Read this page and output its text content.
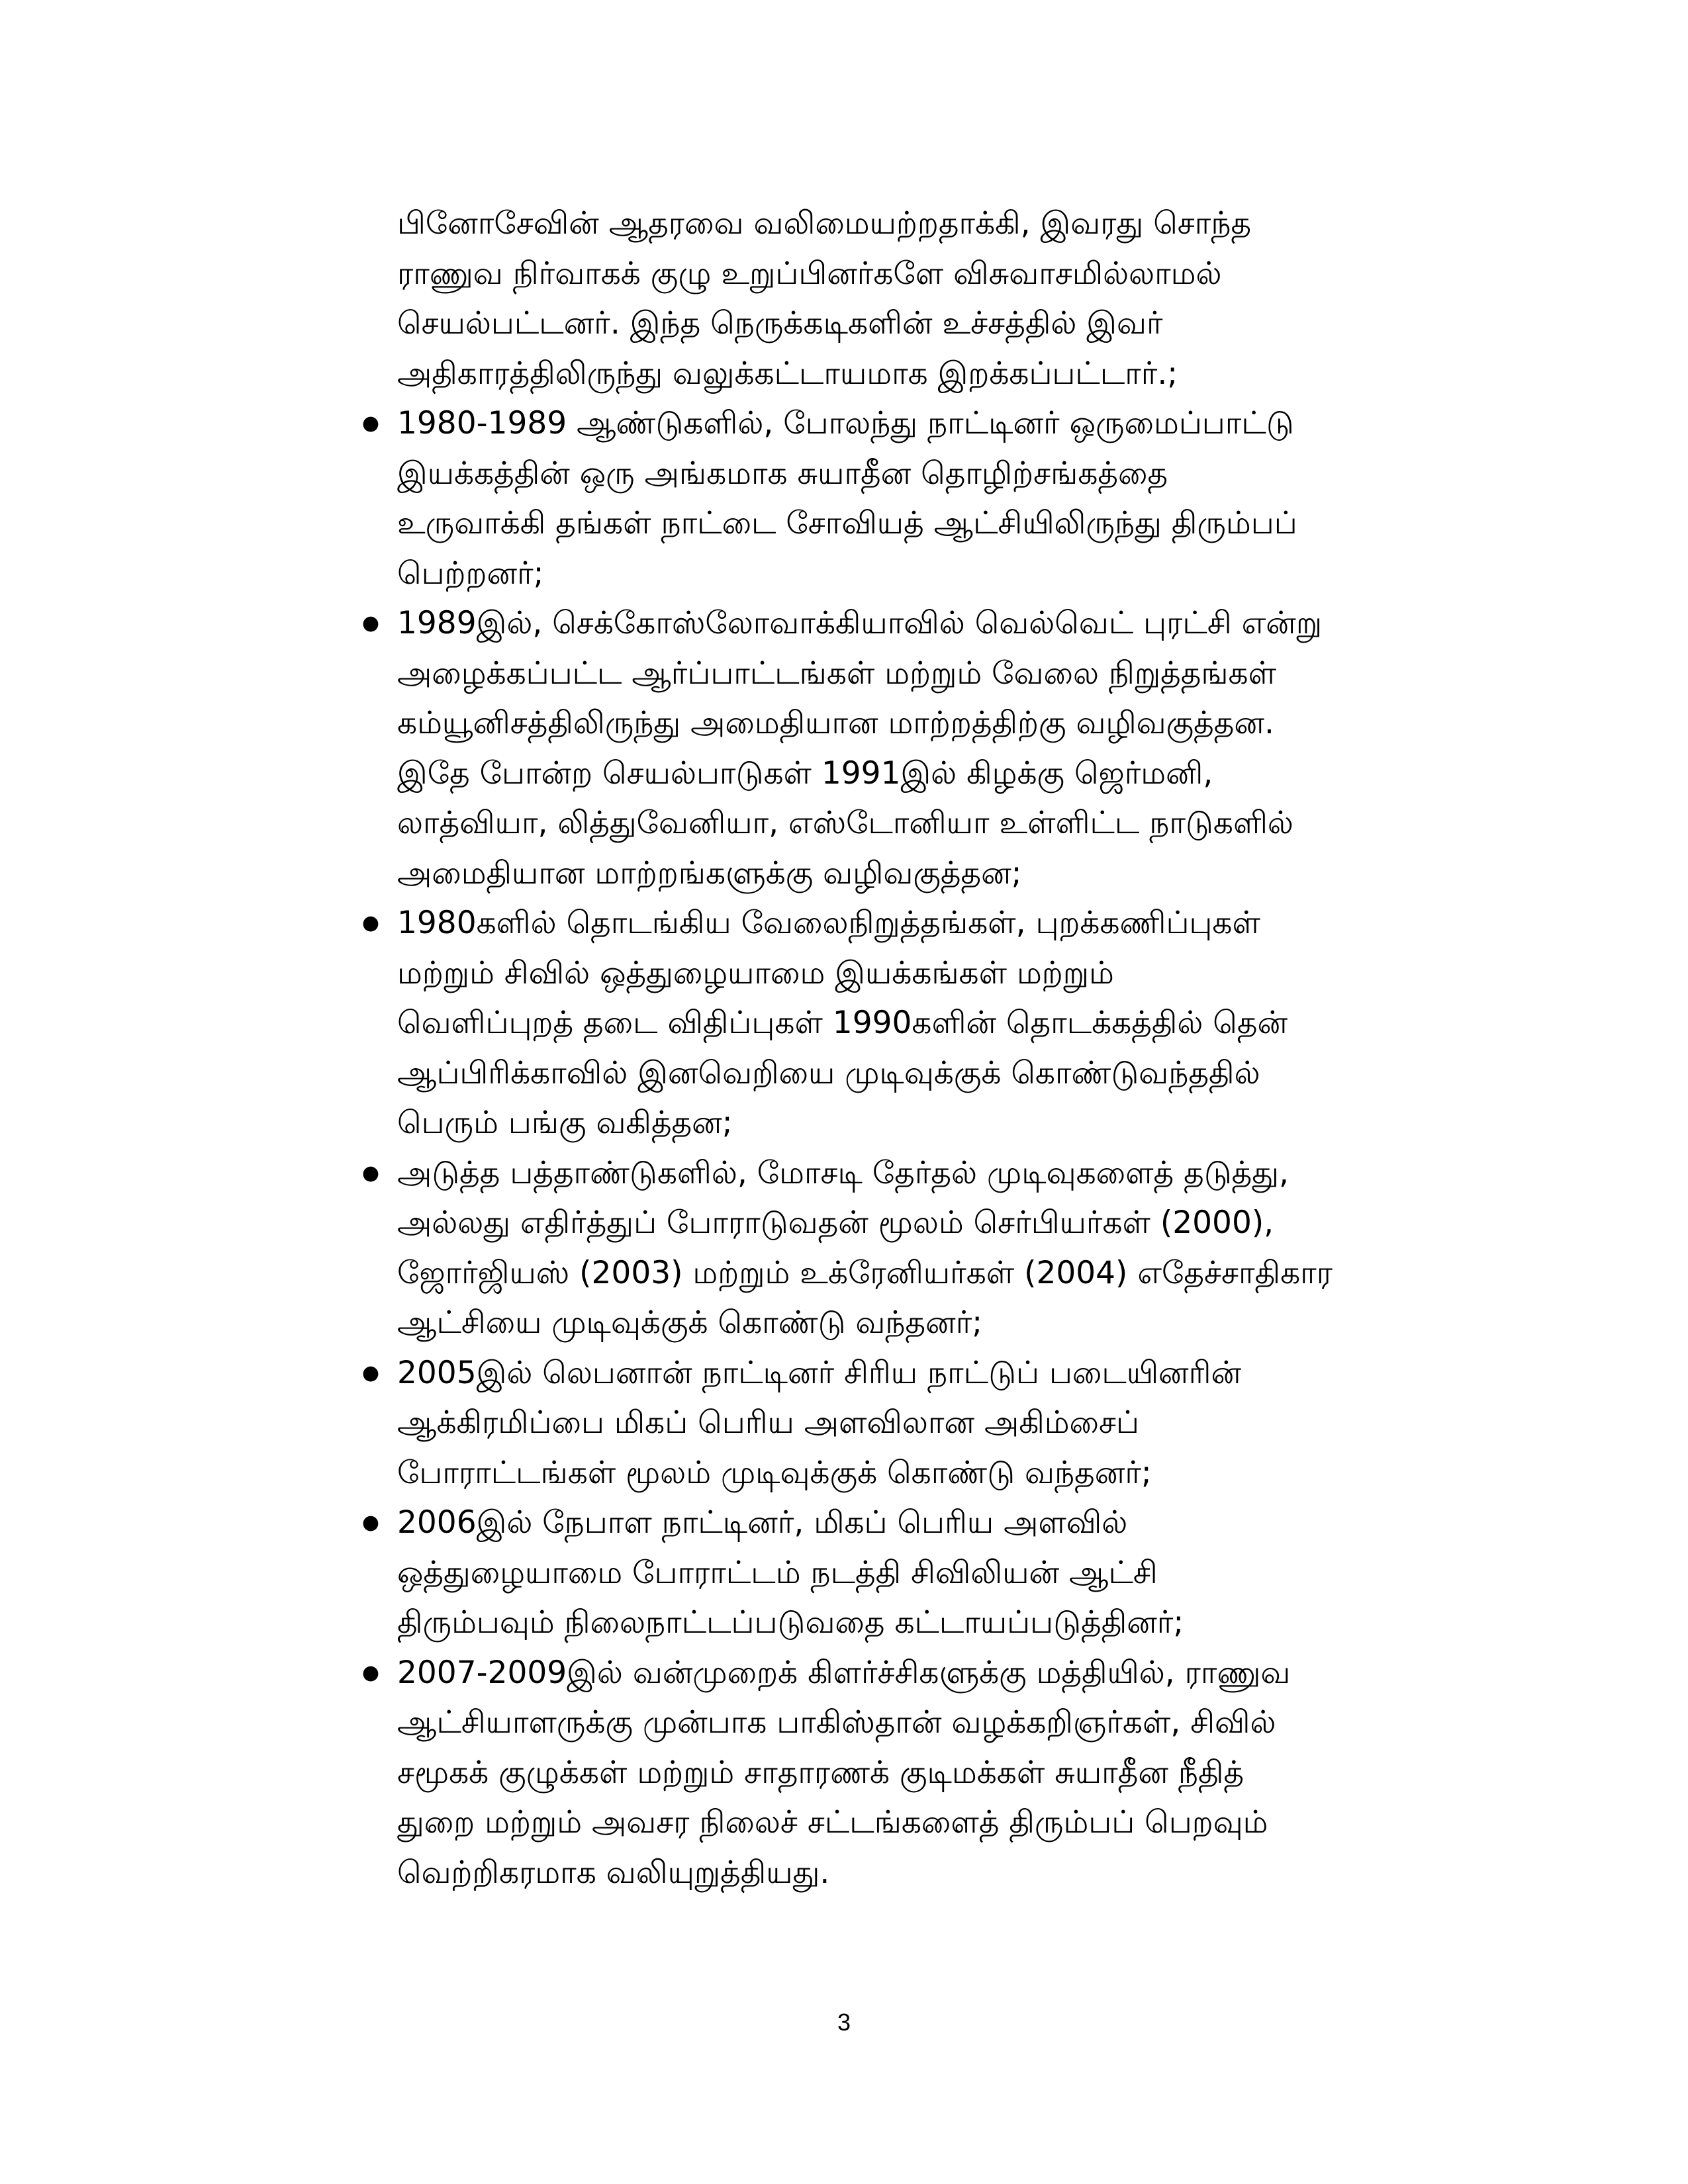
பினோசேவின் ஆதரவை வலிமையற்றதாக்கி, இவரது சொந்த

ராணுவ நிர்வாகக் குழு உறுப்பினர்களே விசுவாசமில்லாமல்

செயல்பட்டனர். இந்த நெருக்கடிகளின் உச்சத்தில் இவர்

அதிகாரத்திலிருந்து வலுக்கட்டாயமாக இறக்கப்பட்டார்.;

● 1980-1989 ஆண்டுகளில், போலந்து நாட்டினர் ஒருமைப்பாட்டு
இயக்கத்தின் ஒரு அங்கமாக சுயாதீன தொழிற்சங்கத்தை
உருவாக்கி தங்கள் நாட்டை சோவியத் ஆட்சியிலிருந்து திரும்பப்
பெற்றனர்;
● 1989இல், செக்கோஸ்லோவாக்கியாவில் வெல்வெட் புரட்சி என்று
அழைக்கப்பட்ட ஆர்ப்பாட்டங்கள் மற்றும் வேலை நிறுத்தங்கள்
கம்யூனிசத்திலிருந்து அமைதியான மாற்றத்திற்கு வழிவகுத்தன.
இதே போன்ற செயல்பாடுகள் 1991இல் கிழக்கு ஜெர்மனி,
லாத்வியா, லித்துவேனியா, எஸ்டோனியா உள்ளிட்ட நாடுகளில்
அமைதியான மாற்றங்களுக்கு வழிவகுத்தன;
● 1980களில் தொடங்கிய வேலைநிறுத்தங்கள், புறக்கணிப்புகள்
மற்றும் சிவில் ஒத்துழையாமை இயக்கங்கள் மற்றும்
வெளிப்புறத் தடை விதிப்புகள் 1990களின் தொடக்கத்தில் தென்
ஆப்பிரிக்காவில் இனவெறியை முடிவுக்குக் கொண்டுவந்ததில்
பெரும் பங்கு வகித்தன;
● அடுத்த பத்தாண்டுகளில், மோசடி தேர்தல் முடிவுகளைத் தடுத்து,
அல்லது எதிர்த்துப் போராடுவதன் மூலம் செர்பியர்கள் (2000),
ஜோர்ஜியஸ் (2003) மற்றும் உக்ரேனியர்கள் (2004) எதேச்சாதிகார
ஆட்சியை முடிவுக்குக் கொண்டு வந்தனர்;
● 2005இல் லெபனான் நாட்டினர் சிரிய நாட்டுப் படையினரின்
ஆக்கிரமிப்பை மிகப் பெரிய அளவிலான அகிம்சைப்
போராட்டங்கள் மூலம் முடிவுக்குக் கொண்டு வந்தனர்;
● 2006இல் நேபாள நாட்டினர், மிகப் பெரிய அளவில்
ஒத்துழையாமை போராட்டம் நடத்தி சிவிலியன் ஆட்சி
திரும்பவும் நிலைநாட்டப்படுவதை கட்டாயப்படுத்தினர்;
● 2007-2009இல் வன்முறைக் கிளர்ச்சிகளுக்கு மத்தியில், ராணுவ
ஆட்சியாளருக்கு முன்பாக பாகிஸ்தான் வழக்கறிஞர்கள், சிவில்
சமூகக் குழுக்கள் மற்றும் சாதாரணக் குடிமக்கள் சுயாதீன நீதித்
துறை மற்றும் அவசர நிலைச் சட்டங்களைத் திரும்பப் பெறவும்
வெற்றிகரமாக வலியுறுத்தியது.
3
